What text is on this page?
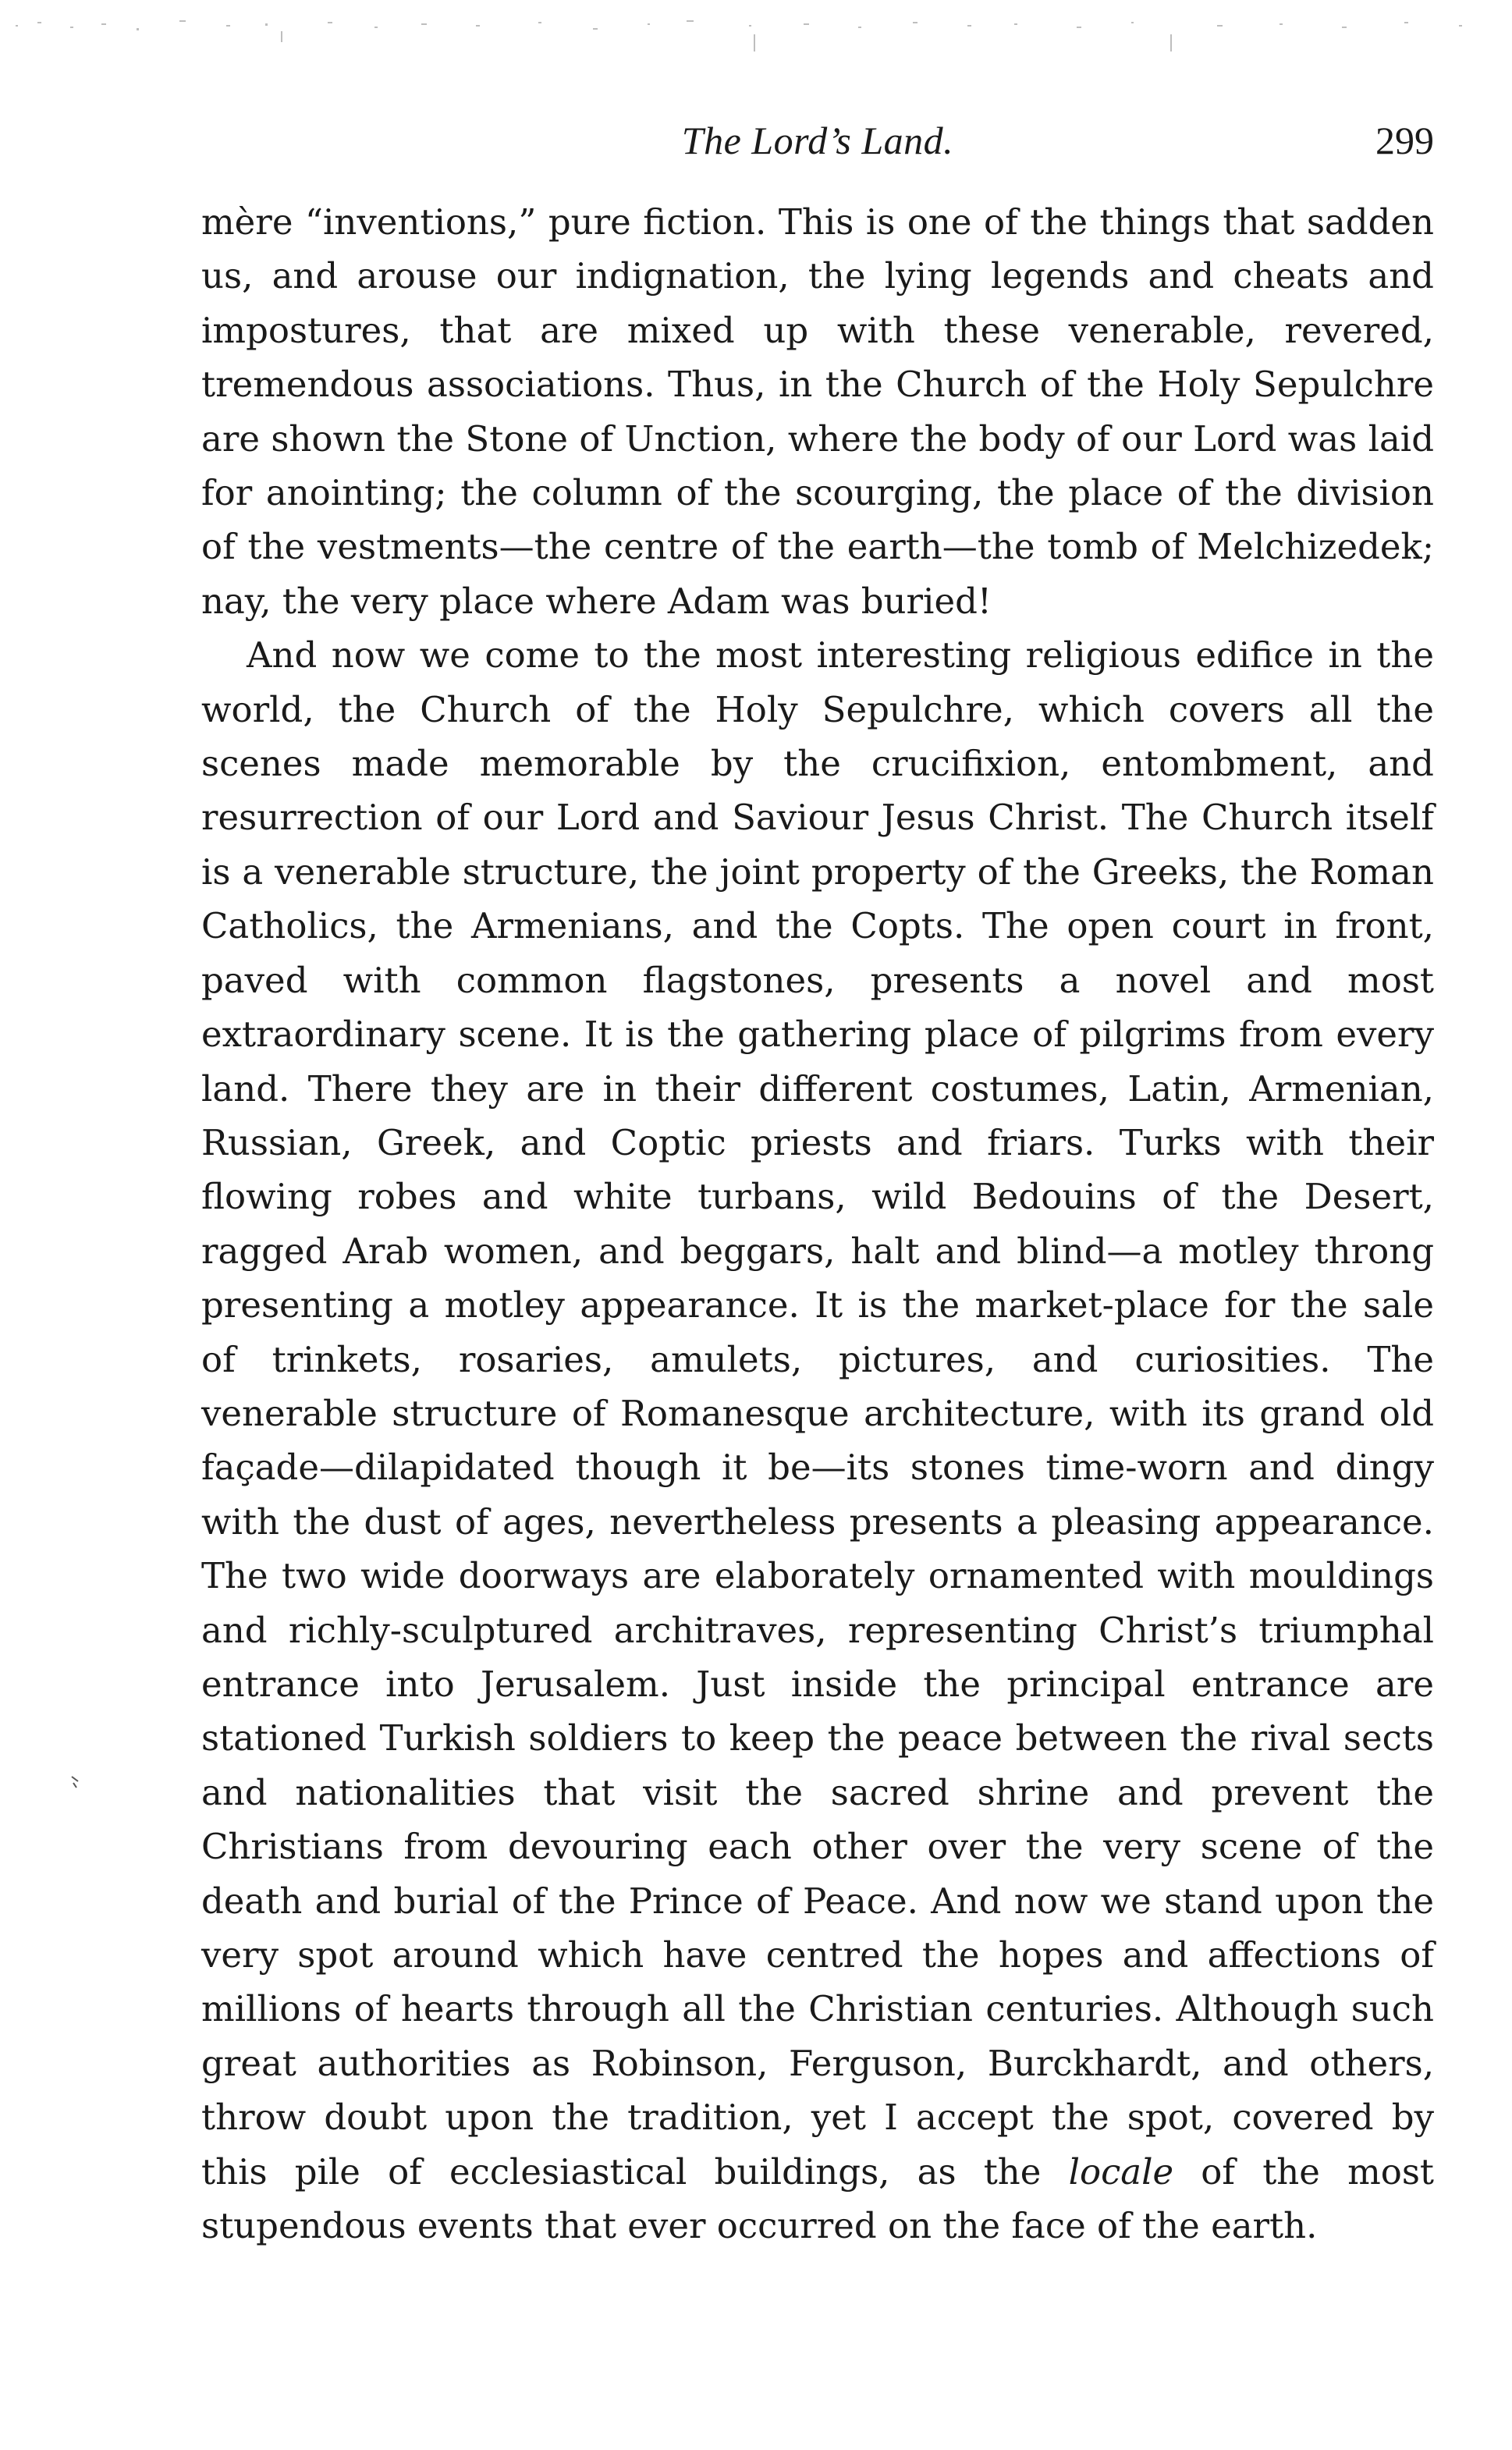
The Lord’s Land.	299

mère “inventions,” pure fiction. This is one of the things that sadden us, and arouse our indignation, the lying legends and cheats and impostures, that are mixed up with these venerable, revered, tremendous associations. Thus, in the Church of the Holy Sepulchre are shown the Stone of Unction, where the body of our Lord was laid for anointing; the column of the scourging, the place of the division of the vestments—the centre of the earth—the tomb of Melchizedek; nay, the very place where Adam was buried!

And now we come to the most interesting religious edifice in the world, the Church of the Holy Sepulchre, which covers all the scenes made memorable by the crucifixion, entombment, and resurrection of our Lord and Saviour Jesus Christ. The Church itself is a venerable structure, the joint property of the Greeks, the Roman Catholics, the Armenians, and the Copts. The open court in front, paved with common flagstones, presents a novel and most extraordinary scene. It is the gathering place of pilgrims from every land. There they are in their different costumes, Latin, Armenian, Russian, Greek, and Coptic priests and friars. Turks with their flowing robes and white turbans, wild Bedouins of the Desert, ragged Arab women, and beggars, halt and blind—a motley throng presenting a motley appearance. It is the market-place for the sale of trinkets, rosaries, amulets, pictures, and curiosities. The venerable structure of Romanesque architecture, with its grand old façade—dilapidated though it be—its stones time-worn and dingy with the dust of ages, nevertheless presents a pleasing appearance. The two wide doorways are elaborately ornamented with mouldings and richly-sculptured architraves, representing Christ’s triumphal entrance into Jerusalem. Just inside the principal entrance are stationed Turkish soldiers to keep the peace between the rival sects and nationalities that visit the sacred shrine and prevent the Christians from devouring each other over the very scene of the death and burial of the Prince of Peace. And now we stand upon the very spot around which have centred the hopes and affections of millions of hearts through all the Christian centuries. Although such great authorities as Robinson, Ferguson, Burckhardt, and others, throw doubt upon the tradition, yet I accept the spot, covered by this pile of ecclesiastical buildings, as the locale of the most stupendous events that ever occurred on the face of the earth.
